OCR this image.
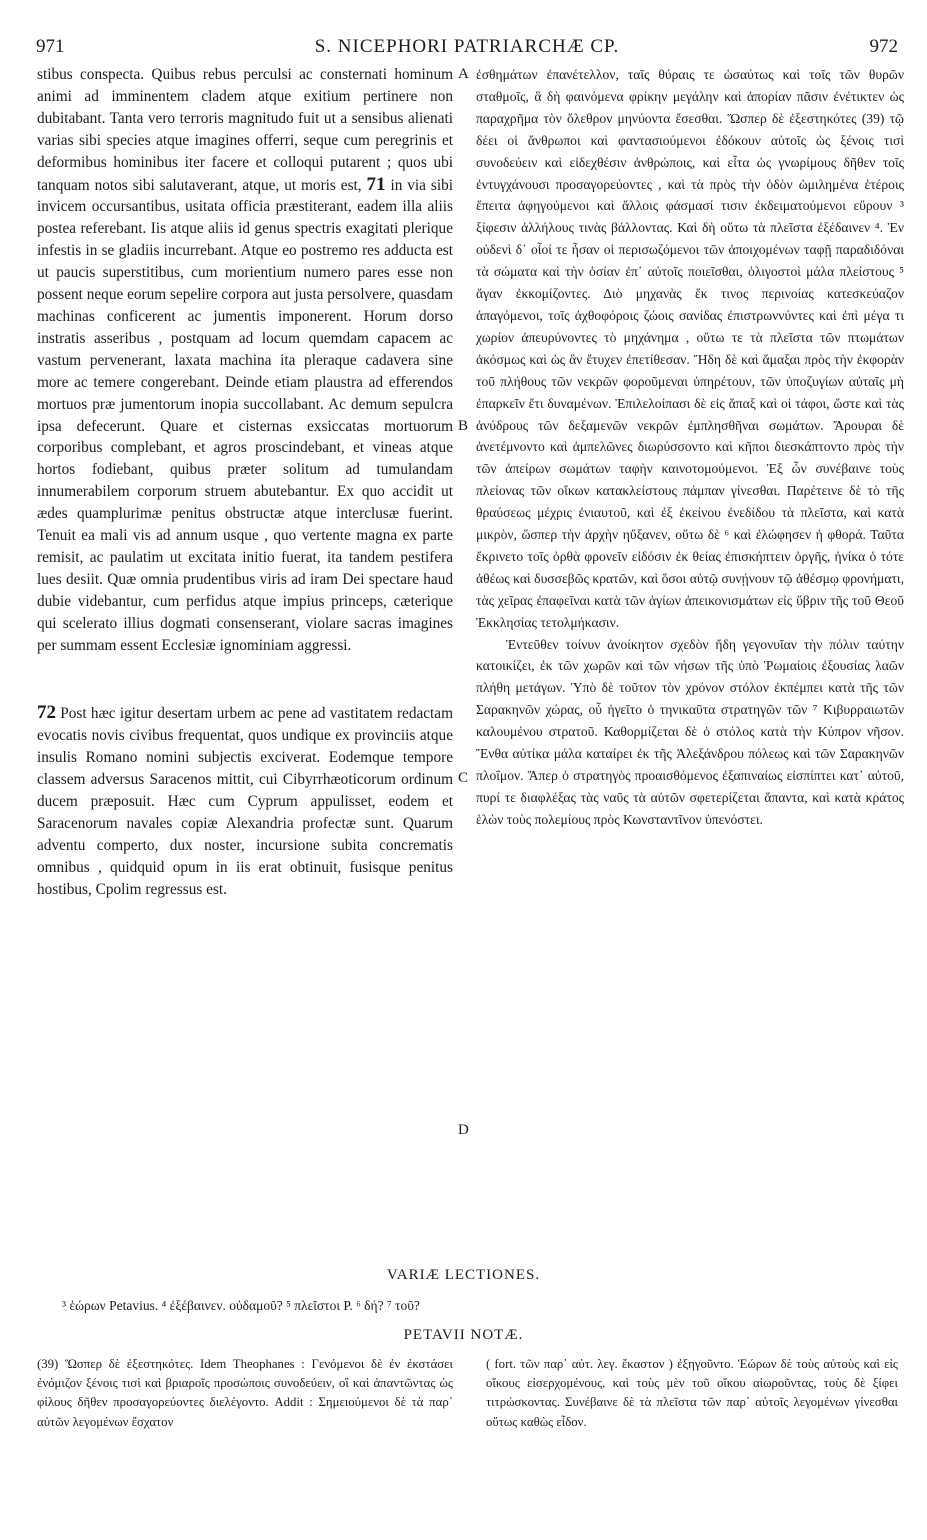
971	S. NICEPHORI PATRIARCHÆ CP.	972

stibus conspecta. Quibus rebus perculsi ac consternati hominum animi ad imminentem cladem atque exitium pertinere non dubitabant. Tanta vero terroris magnitudo fuit ut a sensibus alienati varias sibi species atque imagines offerri, seque cum peregrinis et deformibus hominibus iter facere et colloqui putarent ; quos ubi tanquam notos sibi salutaverant, atque, ut moris est, 71 in via sibi invicem occursantibus, usitata officia præstiterant, eadem illa aliis postea referebant. Iis atque aliis id genus spectris exagitati plerique infestis in se gladiis incurrebant. Atque eo postremo res adducta est ut paucis superstitibus, cum morientium numero pares esse non possent neque eorum sepelire corpora aut justa persolvere, quasdam machinas conficerent ac jumentis imponerent. Horum dorso instratis asseribus , postquam ad locum quemdam capacem ac vastum pervenerant, laxata machina ita pleraque cadavera sine more ac temere congerebant. Deinde etiam plaustra ad efferendos mortuos præ jumentorum inopia succollabant. Ac demum sepulcra ipsa defecerunt. Quare et cisternas exsiccatas mortuorum corporibus complebant, et agros proscindebant, et vineas atque hortos fodiebant, quibus præter solitum ad tumulandam innumerabilem corporum struem abutebantur. Ex quo accidit ut ædes quamplurimæ penitus obstructæ atque interclusæ fuerint. Tenuit ea mali vis ad annum usque , quo vertente magna ex parte remisit, ac paulatim ut excitata initio fuerat, ita tandem pestifera lues desiit. Quæ omnia prudentibus viris ad iram Dei spectare haud dubie videbantur, cum perfidus atque impius princeps, cæterique qui scelerato illius dogmati consenserant, violare sacras imagines per summam essent Ecclesiæ ignominiam aggressi.

72 Post hæc igitur desertam urbem ac pene ad vastitatem redactam evocatis novis civibus frequentat, quos undique ex provinciis atque insulis Romano nomini subjectis exciverat. Eodemque tempore classem adversus Saracenos mittit, cui Cibyrrhæoticorum ordinum ducem præposuit. Hæc cum Cyprum appulisset, eodem et Saracenorum navales copiæ Alexandria profectæ sunt. Quarum adventu comperto, dux noster, incursione subita concrematis omnibus , quidquid opum in iis erat obtinuit, fusisque penitus hostibus, Cpolim regressus est.

A
B
C
D

ἐσθημάτων ἐπανέτελλον, ταῖς θύραις τε ὡσαύτως καὶ τοῖς τῶν θυρῶν σταθμοῖς, ἃ δὴ φαινόμενα φρίκην μεγάλην καὶ ἀπορίαν πᾶσιν ἐνέτικτεν ὡς παραχρῆμα τὸν ὄλεθρον μηνύοντα ἔσεσθαι. Ὥσπερ δὲ ἐξεστηκότες (39) τῷ δέει οἱ ἄνθρωποι καὶ φαντασιούμενοι ἐδόκουν αὐτοῖς ὡς ξένοις τισὶ συνοδεύειν καὶ εἰδεχθέσιν ἀνθρώποις, καὶ εἶτα ὡς γνωρίμους δῆθεν τοῖς ἐντυγχάνουσι προσαγορεύοντες , καὶ τὰ πρὸς τὴν ὁδὸν ὡμιλημένα ἑτέροις ἔπειτα ἀφηγούμενοι καὶ ἄλλοις φάσμασί τισιν ἐκδειματούμενοι εὕρουν ³ ξίφεσιν ἀλλήλους τινὰς βάλλοντας. Καὶ δὴ οὕτω τὰ πλεῖστα ἐξέδαινεν ⁴. Ἐν οὐδενὶ δ᾽ οἷοί τε ἦσαν οἱ περισωζόμενοι τῶν ἀποιχομένων ταφῇ παραδιδόναι τὰ σώματα καὶ τὴν ὁσίαν ἐπ᾽ αὐτοῖς ποιεῖσθαι, ὀλιγοστοὶ μάλα πλείστους ⁵ ἄγαν ἐκκομίζοντες. Διὸ μηχανὰς ἔκ τινος περινοίας κατεσκεύαζον ἀπαγόμενοι, τοῖς ἀχθοφόροις ζώοις σανίδας ἐπιστρωννύντες καὶ ἐπὶ μέγα τι χωρίον ἀπευρύνοντες τὸ μηχάνημα , οὕτω τε τὰ πλεῖστα τῶν πτωμάτων ἀκόσμως καὶ ὡς ἂν ἔτυχεν ἐπετίθεσαν. Ἤδη δὲ καὶ ἅμαξαι πρὸς τὴν ἐκφορὰν τοῦ πλήθους τῶν νεκρῶν φοροῦμεναι ὑπηρέτουν, τῶν ὑποζυγίων αὐταῖς μὴ ἐπαρκεῖν ἔτι δυναμένων. Ἐπιλελοίπασι δὲ εἰς ἅπαξ καὶ οἱ τάφοι, ὥστε καὶ τὰς ἀνύδρους τῶν δεξαμενῶν νεκρῶν ἐμπλησθῆναι σωμάτων. Ἄρουραι δὲ ἀνετέμνοντο καὶ ἀμπελῶνες διωρύσσοντο καὶ κῆποι διεσκάπτοντο πρὸς τὴν τῶν ἀπείρων σωμάτων ταφὴν καινοτομούμενοι. Ἐξ ὧν συνέβαινε τοὺς πλείονας τῶν οἴκων κατακλείστους πάμπαν γίνεσθαι. Παρέτεινε δὲ τὸ τῆς θραύσεως μέχρις ἐνιαυτοῦ, καὶ ἐξ ἐκείνου ἐνεδίδου τὰ πλεῖστα, καὶ κατὰ μικρὸν, ὥσπερ τὴν ἀρχὴν ηὔξανεν, οὕτω δὲ ⁶ καὶ ἐλώφησεν ἡ φθορά. Ταῦτα ἔκρινετο τοῖς ὀρθὰ φρονεῖν εἰδόσιν ἐκ θείας ἐπισκήπτειν ὀργῆς, ἡνίκα ὁ τότε ἀθέως καὶ δυσσεβῶς κρατῶν, καὶ ὅσοι αὐτῷ συνῄνουν τῷ ἀθέσμῳ φρονήματι, τὰς χεῖρας ἐπαφεῖναι κατὰ τῶν ἁγίων ἀπεικονισμάτων εἰς ὕβριν τῆς τοῦ Θεοῦ Ἐκκλησίας τετολμήκασιν.

Ἐντεῦθεν τοίνυν ἀνοίκητον σχεδὸν ἤδη γεγονυῖαν τὴν πόλιν ταύτην κατοικίζει, ἐκ τῶν χωρῶν καὶ τῶν νήσων τῆς ὑπὸ Ῥωμαίοις ἐξουσίας λαῶν πλήθη μετάγων. Ὑπὸ δὲ τοῦτον τὸν χρόνον στόλον ἐκπέμπει κατὰ τῆς τῶν Σαρακηνῶν χώρας, οὗ ἡγεῖτο ὁ τηνικαῦτα στρατηγῶν τῶν ⁷ Κιβυρραιωτῶν καλουμένου στρατοῦ. Καθορμίζεται δὲ ὁ στόλος κατὰ τὴν Κύπρον νῆσον. Ἔνθα αὐτίκα μάλα καταίρει ἐκ τῆς Ἀλεξάνδρου πόλεως καὶ τῶν Σαρακηνῶν πλοΐμον. Ἅπερ ὁ στρατηγὸς προαισθόμενος ἐξαπιναίως εἰσπίπτει κατ᾽ αὐτοῦ, πυρί τε διαφλέξας τὰς ναῦς τὰ αὐτῶν σφετερίζεται ἅπαντα, καὶ κατὰ κράτος ἑλὼν τοὺς πολεμίους πρὸς Κωνσταντῖνον ὑπενόστει.

VARIÆ LECTIONES.
³ ἑώρων Petavius. ⁴ ἐξέβαινεν. οὐδαμοῦ? ⁵ πλεῖστοι P. ⁶ δή? ⁷ τοῦ?
PETAVII NOTÆ.

(39) Ὥσπερ δὲ ἐξεστηκότες. Idem Theophanes : Γενόμενοι δὲ ἐν ἐκστάσει ἐνόμιζον ξένοις τισὶ καὶ βριαροῖς προσώποις συνοδεύειν, οἳ καὶ ἀπαντῶντας ὡς φίλους δῆθεν προσαγορεύοντες διελέγοντο. Addit : Σημειούμενοι δὲ τὰ παρ᾽ αὐτῶν λεγομένων ἔσχατον

( fort. τῶν παρ᾽ αὐτ. λεγ. ἔκαστον ) ἐξηγοῦντο. Ἑώρων δὲ τοὺς αὐτοὺς καὶ εἰς οἴκους εἰσερχομένους, καὶ τοὺς μὲν τοῦ οἴκου αἰωροῦντας, τοὺς δὲ ξίφει τιτρώσκοντας. Συνέβαινε δὲ τὰ πλεῖστα τῶν παρ᾽ αὐτοῖς λεγομένων γίνεσθαι οὕτως καθὼς εἶδον.
